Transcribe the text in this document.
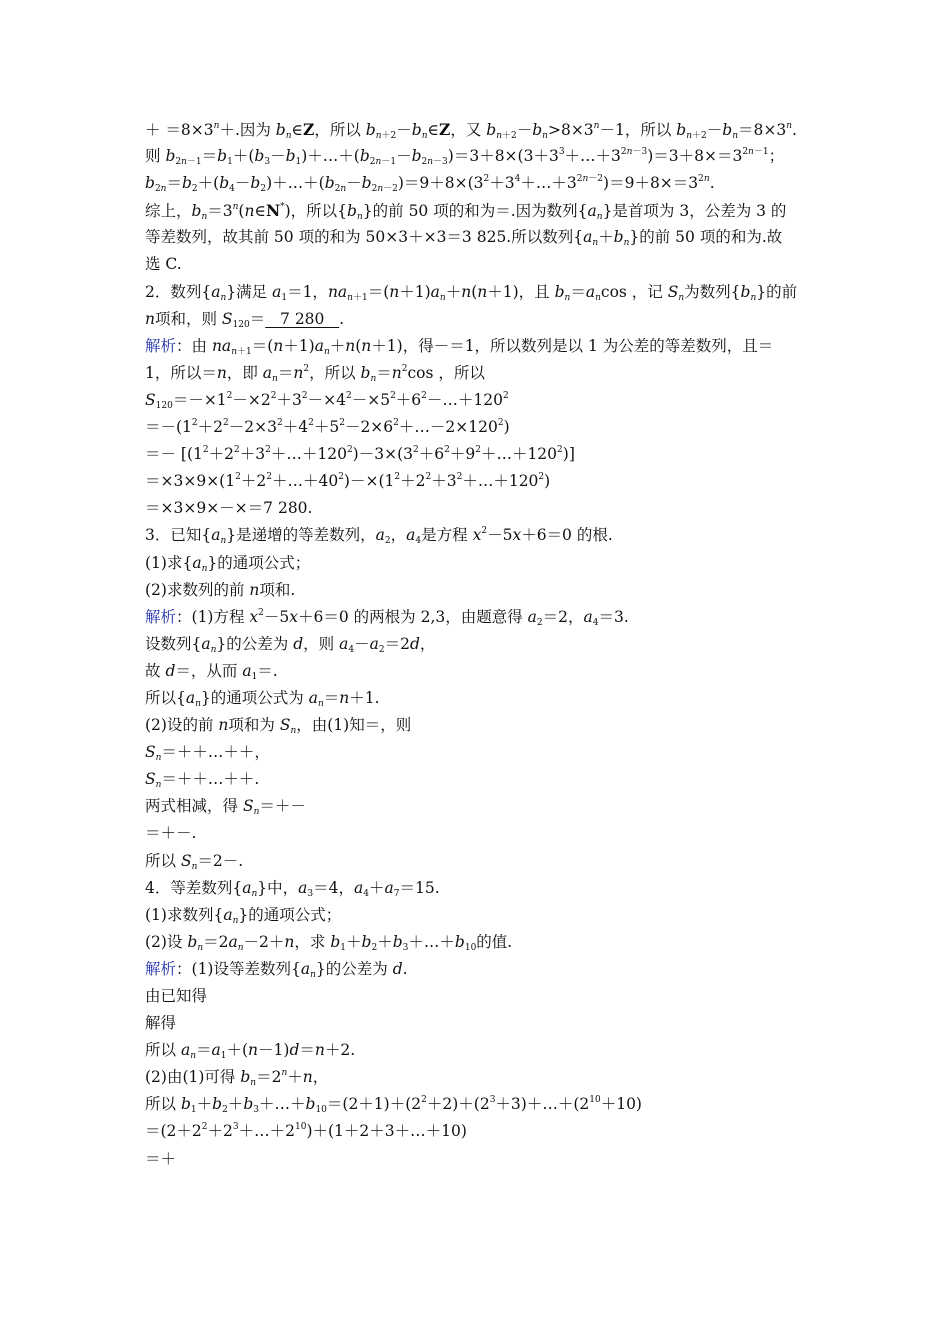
＋ $=8\times 3^n+$.因为 $b_n\in Z$，所以 $b_{n+2}-b_n\in Z$，又 $b_{n+2}-b_n>8\times 3^n-1$，所以 $b_{n+2}-b_n=8\times 3^n$.
则 $b_{2n-1}=b_1+(b_3-b_1)+\dots+(b_{2n-1}-b_{2n-3})=3+8\times(3+3^3+\dots+3^{2n-3})=3+8\times=3^{2n-1}$；
$b_{2n}=b_2+(b_4-b_2)+\dots+(b_{2n}-b_{2n-2})=9+8\times(3^2+3^4+\dots+3^{2n-2})=9+8\times=3^{2n}$.
综上，$b_n=3^n(n\in N^*)$，所以$\{b_n\}$的前 50 项的和为＝.因为数列$\{a_n\}$是首项为 3，公差为 3 的
等差数列，故其前 50 项的和为 50×3＋×3＝3 825.所以数列$\{a_n+b_n\}$的前 50 项的和为.故
选 C.
2．数列$\{a_n\}$满足 $a_1=1$，$na_{n+1}=(n+1)a_n+n(n+1)$，且 $b_n=a_n\cos$ ，记 $S_n$为数列$\{b_n\}$的前
n项和，则 $S_{120}= 7$ 280   .
解析：由 $na_{n+1}=(n+1)a_n+n(n+1)$，得－＝1，所以数列是以 1 为公差的等差数列，且＝
1，所以＝n，即 $a_n=n^2$，所以 $b_n=n^2\cos$ ，所以
$S_{120}=-\times 1^2-\times 2^2+3^2-\times 4^2-\times 5^2+6^2-\dots+120^2$
$=-(1^2+2^2-2\times 3^2+4^2+5^2-2\times 6^2+\dots-2\times 120^2)$
＝－ $[(1^2+2^2+3^2+\dots+120^2)-3\times(3^2+6^2+9^2+\dots+120^2)]$
$=\times 3\times 9\times(1^2+2^2+\dots+40^2)-\times(1^2+2^2+3^2+\dots+120^2)$
＝×3×9×－×＝7 280.
3．已知$\{a_n\}$是递增的等差数列，$a_2$，$a_4$是方程 $x^2-5x+6=0$ 的根.
(1)求$\{a_n\}$的通项公式；
(2)求数列的前 n项和.
解析：(1)方程 $x^2-5x+6=0$ 的两根为 2,3，由题意得 $a_2=2$，$a_4=3$.
设数列$\{a_n\}$的公差为 d，则 $a_4-a_2=2d$，
故 d＝，从而 $a_1=$.
所以$\{a_n\}$的通项公式为 $a_n=n+1$.
(2)设的前 n项和为 $S_n$，由(1)知＝，则
$S_n=++\dots++$，
$S_n=++\dots++$.
两式相减，得 $S_n=+-$
＝＋－.
所以 $S_n=2-$.
4．等差数列$\{a_n\}$中，$a_3=4$，$a_4+a_7=15$.
(1)求数列$\{a_n\}$的通项公式；
(2)设 $b_n=2a_n-2+n$，求 $b_1+b_2+b_3+\dots+b_{10}$的值.
解析：(1)设等差数列$\{a_n\}$的公差为 d.
由已知得
解得
所以 $a_n=a_1+(n-1)d=n+2$.
(2)由(1)可得 $b_n=2^n+n$，
所以 $b_1+b_2+b_3+\dots+b_{10}=(2+1)+(2^2+2)+(2^3+3)+\dots+(2^{10}+10)$
$=(2+2^2+2^3+\dots+2^{10})+(1+2+3+\dots+10)$
＝＋
